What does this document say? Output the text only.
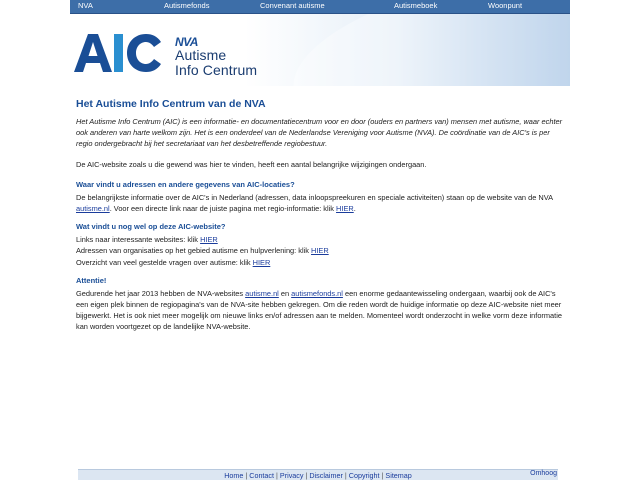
NVA	Autismefonds	Convenant autisme	Autismeboek	Woonpunt
NVA
Autisme
Info Centrum
Het Autisme Info Centrum van de NVA

Het Autisme Info Centrum (AIC) is een informatie- en documentatiecentrum voor en door (ouders en partners van) mensen met autisme, waar echter ook anderen van harte welkom zijn. Het is een onderdeel van de Nederlandse Vereniging voor Autisme (NVA). De coördinatie van de AIC's is per regio ondergebracht bij het secretariaat van het desbetreffende regiobestuur.

De AIC-website zoals u die gewend was hier te vinden, heeft een aantal belangrijke wijzigingen ondergaan.

Waar vindt u adressen en andere gegevens van AIC-locaties?
De belangrijkste informatie over de AIC's in Nederland (adressen, data inloopspreekuren en speciale activiteiten) staan op de website van de NVA autisme.nl. Voor een directe link naar de juiste pagina met regio-informatie: klik HIER.
Wat vindt u nog wel op deze AIC-website?
Links naar interessante websites: klik HIER
Adressen van organisaties op het gebied autisme en hulpverlening: klik HIER
Overzicht van veel gestelde vragen over autisme: klik HIER
Attentie!
Gedurende het jaar 2013 hebben de NVA-websites autisme.nl en autismefonds.nl een enorme gedaantewisseling ondergaan, waarbij ook de AIC's een eigen plek binnen de regiopagina's van de NVA-site hebben gekregen. Om die reden wordt de huidige informatie op deze AIC-website niet meer bijgewerkt. Het is ook niet meer mogelijk om nieuwe links en/of adressen aan te melden. Momenteel wordt onderzocht in welke vorm deze informatie kan worden voortgezet op de landelijke NVA-website.
Home | Contact | Privacy | Disclaimer | Copyright | Sitemap	Omhoog
